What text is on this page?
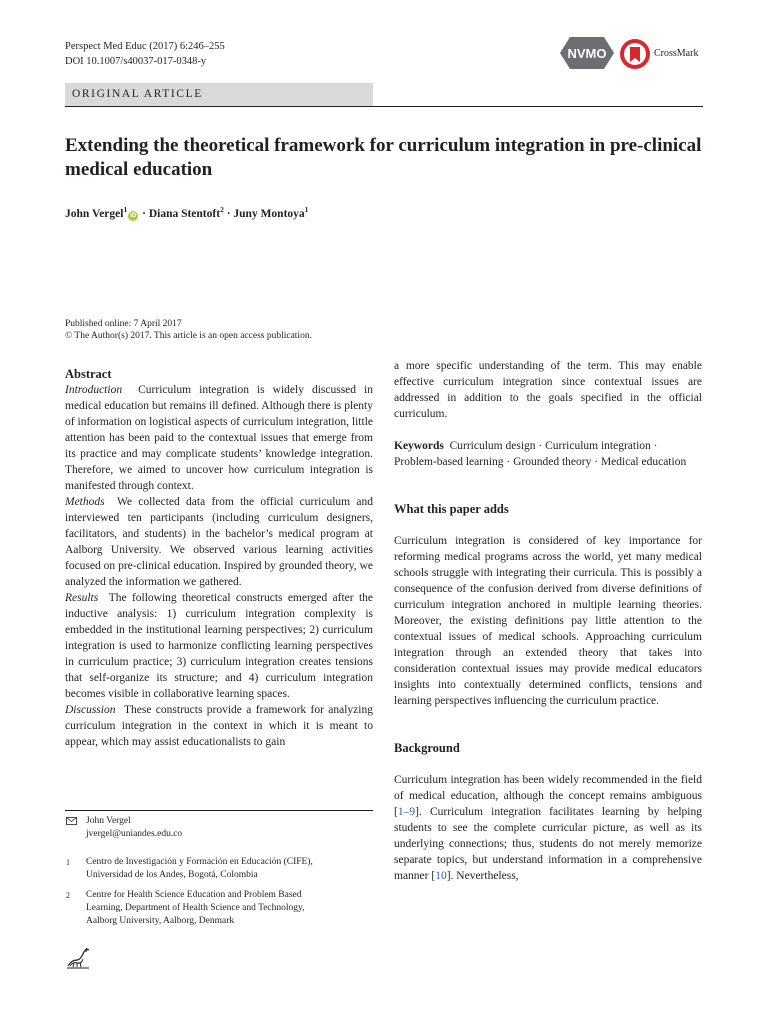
Perspect Med Educ (2017) 6:246–255
DOI 10.1007/s40037-017-0348-y
NVMO	CrossMark
ORIGINAL ARTICLE
Extending the theoretical framework for curriculum integration in pre-clinical medical education
John Vergel$^1$iD · Diana Stentoft$^2$ · Juny Montoya$^1$
Published online: 7 April 2017
© The Author(s) 2017. This article is an open access publication.

Abstract

Introduction Curriculum integration is widely discussed in medical education but remains ill defined. Although there is plenty of information on logistical aspects of curriculum integration, little attention has been paid to the contextual issues that emerge from its practice and may complicate students’ knowledge integration. Therefore, we aimed to uncover how curriculum integration is manifested through context.

Methods We collected data from the official curriculum and interviewed ten participants (including curriculum designers, facilitators, and students) in the bachelor’s medical program at Aalborg University. We observed various learning activities focused on pre-clinical education. Inspired by grounded theory, we analyzed the information we gathered.

Results The following theoretical constructs emerged after the inductive analysis: 1) curriculum integration complexity is embedded in the institutional learning perspectives; 2) curriculum integration is used to harmonize conflicting learning perspectives in curriculum practice; 3) curriculum integration creates tensions that self-organize its structure; and 4) curriculum integration becomes visible in collaborative learning spaces.

Discussion These constructs provide a framework for analyzing curriculum integration in the context in which it is meant to appear, which may assist educationalists to gain

John Vergel
jvergel@uniandes.edu.co
1 Centro de Investigación y Formación en Educación (CIFE),
Universidad de los Andes, Bogotá, Colombia
2 Centre for Health Science Education and Problem Based
Learning, Department of Health Science and Technology,
Aalborg University, Aalborg, Denmark

a more specific understanding of the term. This may enable effective curriculum integration since contextual issues are addressed in addition to the goals specified in the official curriculum.

Keywords Curriculum design · Curriculum integration · Problem-based learning · Grounded theory · Medical education

What this paper adds

Curriculum integration is considered of key importance for reforming medical programs across the world, yet many medical schools struggle with integrating their curricula. This is possibly a consequence of the confusion derived from diverse definitions of curriculum integration anchored in multiple learning theories. Moreover, the existing definitions pay little attention to the contextual issues of medical schools. Approaching curriculum integration through an extended theory that takes into consideration contextual issues may provide medical educators insights into contextually determined conflicts, tensions and learning perspectives influencing the curriculum practice.

Background

Curriculum integration has been widely recommended in the field of medical education, although the concept remains ambiguous [1–9]. Curriculum integration facilitates learning by helping students to see the complete curricular picture, as well as its underlying connections; thus, students do not merely memorize separate topics, but understand information in a comprehensive manner [10]. Nevertheless,
